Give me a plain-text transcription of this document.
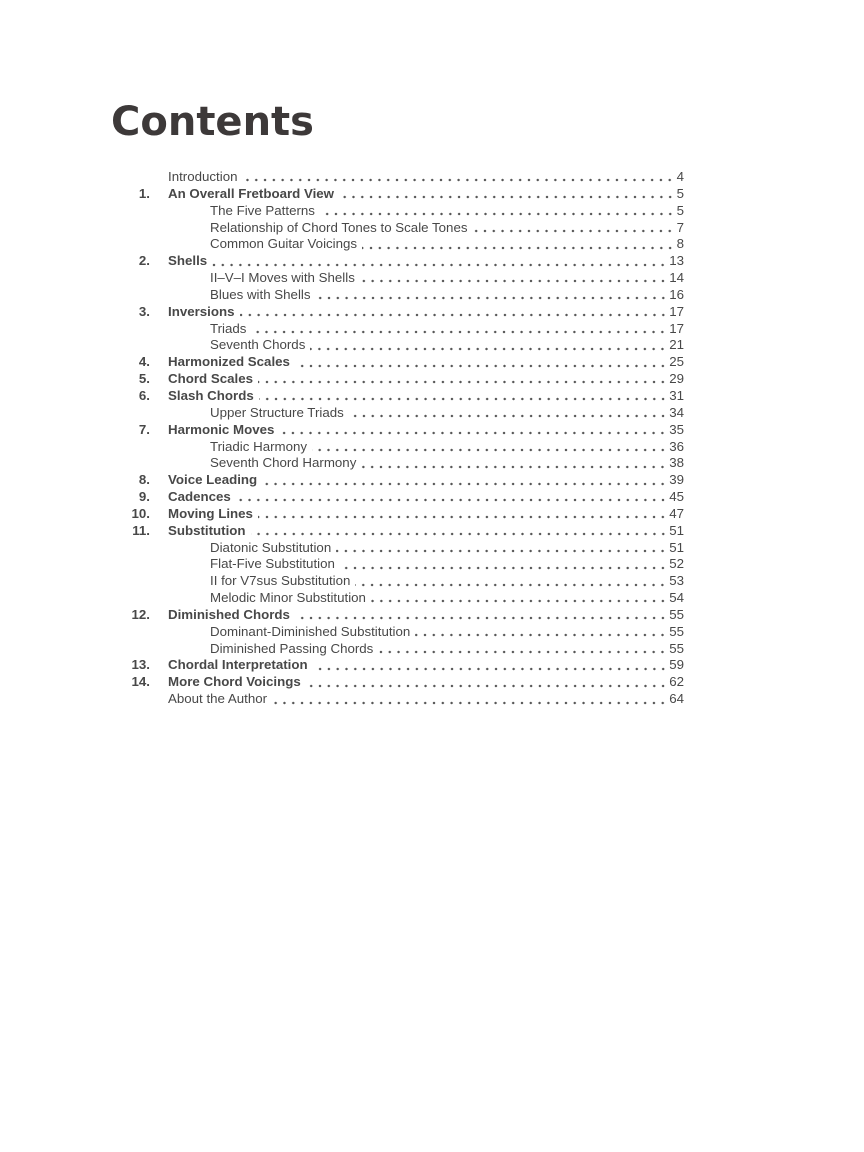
Contents
Introduction	4
1. An Overall Fretboard View	5
The Five Patterns	5
Relationship of Chord Tones to Scale Tones	7
Common Guitar Voicings	8
2. Shells	13
II–V–I Moves with Shells	14
Blues with Shells	16
3. Inversions	17
Triads	17
Seventh Chords	21
4. Harmonized Scales	25
5. Chord Scales	29
6. Slash Chords	31
Upper Structure Triads	34
7. Harmonic Moves	35
Triadic Harmony	36
Seventh Chord Harmony	38
8. Voice Leading	39
9. Cadences	45
10. Moving Lines	47
11. Substitution	51
Diatonic Substitution	51
Flat-Five Substitution	52
II for V7sus Substitution	53
Melodic Minor Substitution	54
12. Diminished Chords	55
Dominant-Diminished Substitution	55
Diminished Passing Chords	55
13. Chordal Interpretation	59
14. More Chord Voicings	62
About the Author	64
